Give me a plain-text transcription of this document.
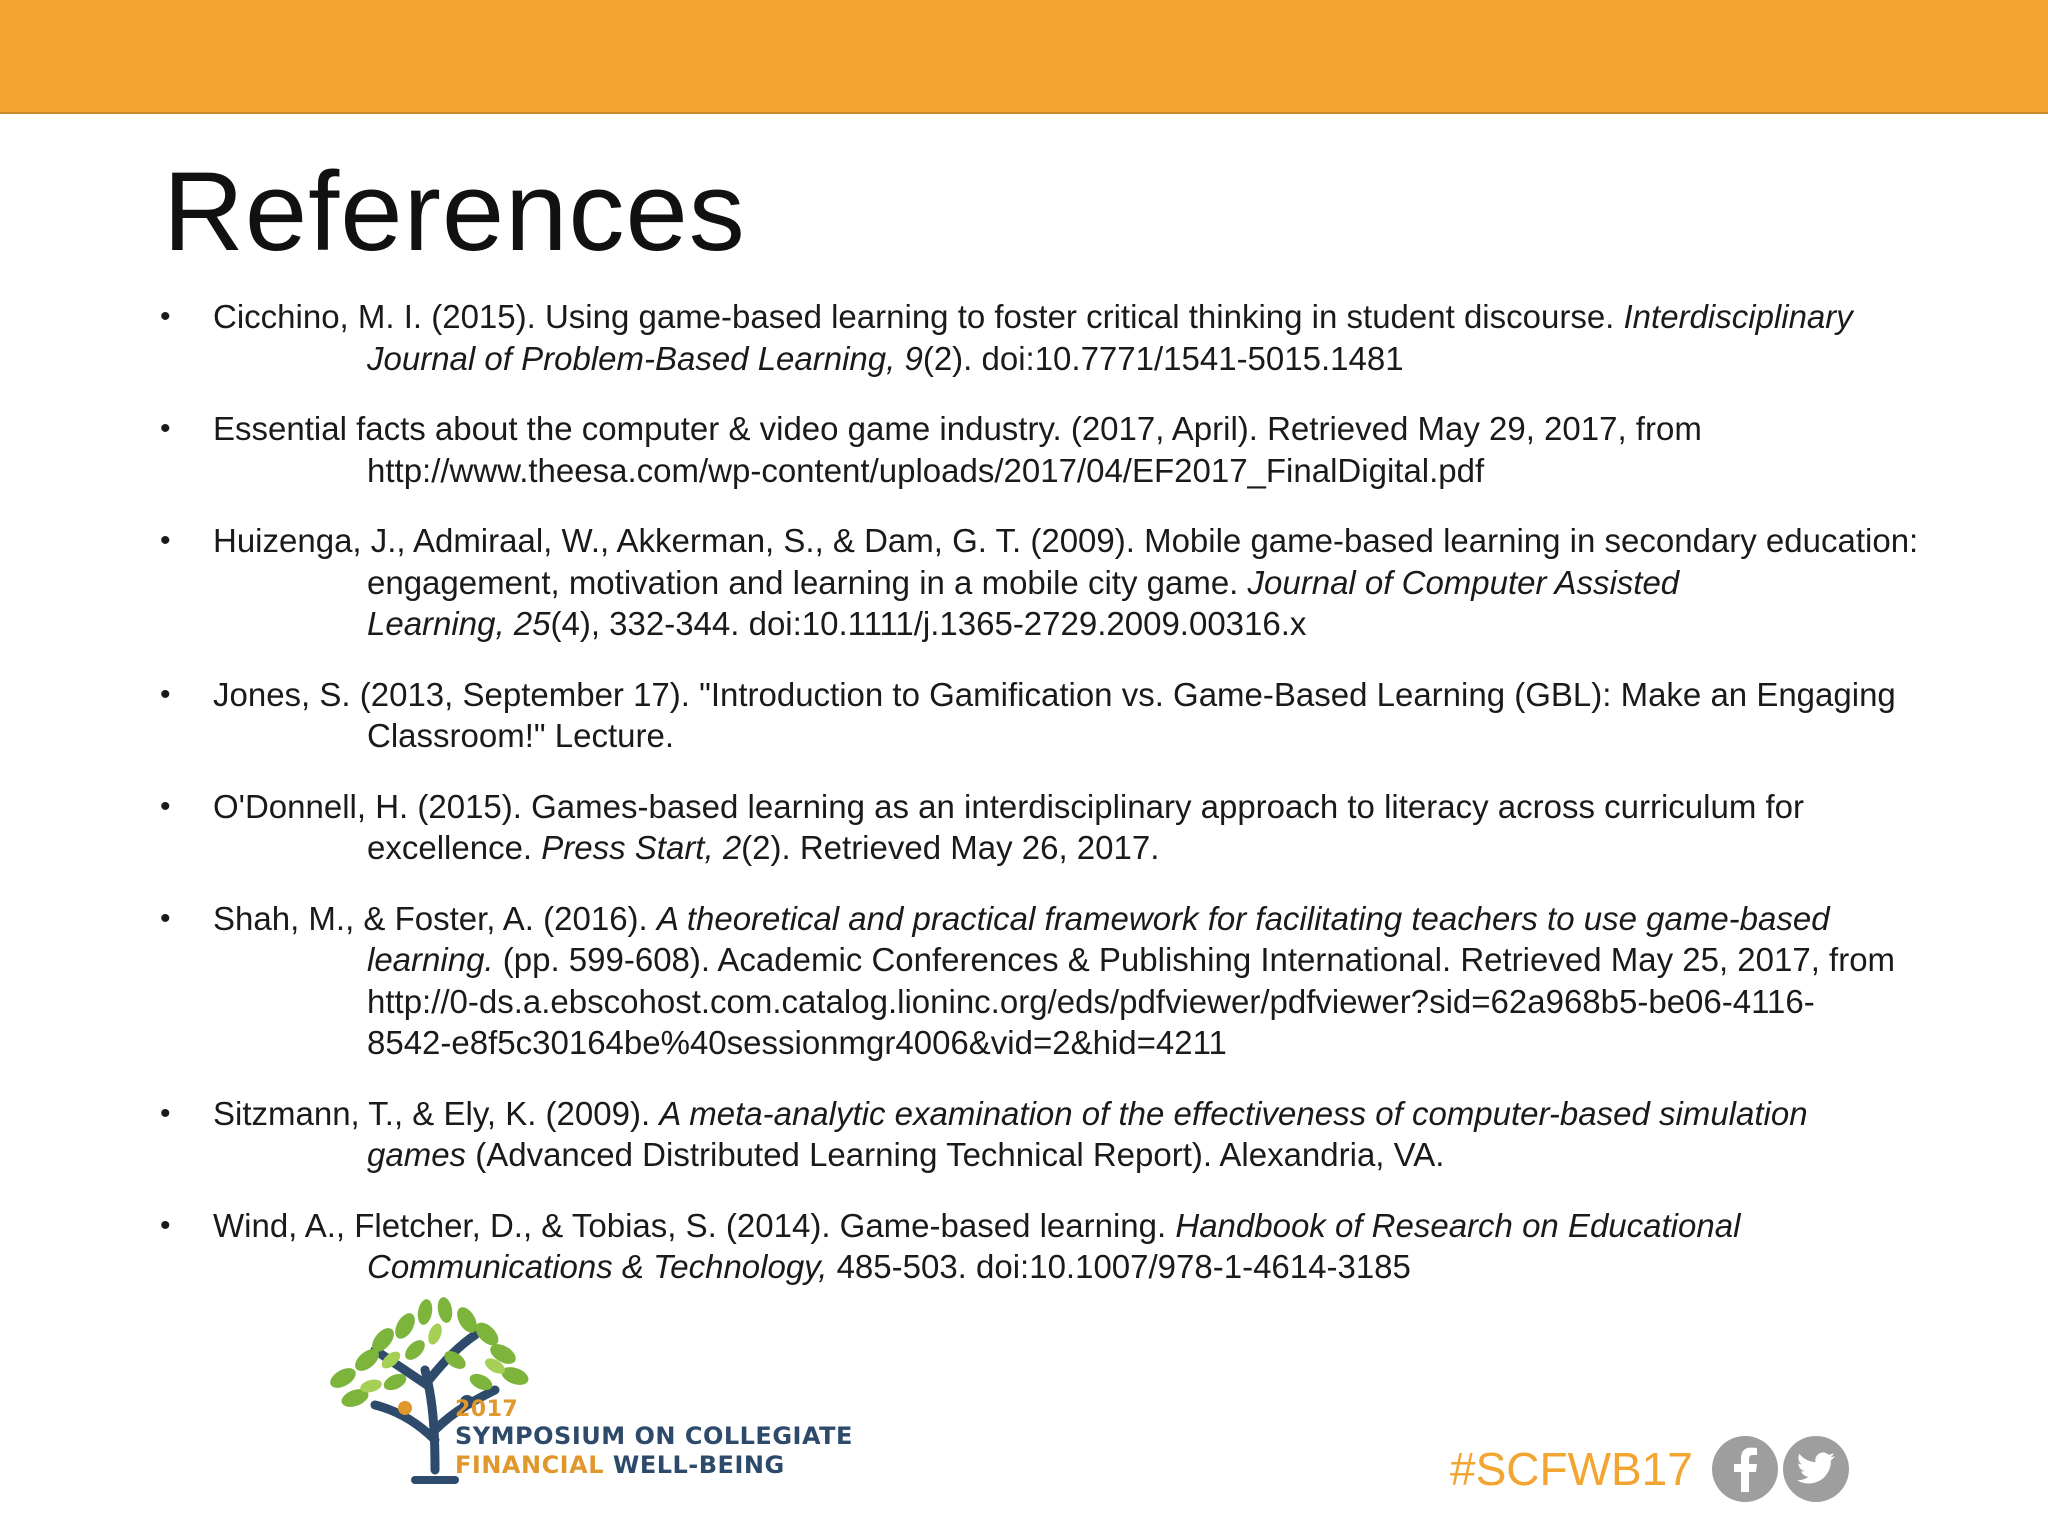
References
• Cicchino, M. I. (2015). Using game-based learning to foster critical thinking in student discourse. Interdisciplinary
Journal of Problem-Based Learning, 9(2). doi:10.7771/1541-5015.1481
• Essential facts about the computer & video game industry. (2017, April). Retrieved May 29, 2017, from
http://www.theesa.com/wp-content/uploads/2017/04/EF2017_FinalDigital.pdf
• Huizenga, J., Admiraal, W., Akkerman, S., & Dam, G. T. (2009). Mobile game-based learning in secondary education:
engagement, motivation and learning in a mobile city game. Journal of Computer Assisted
Learning, 25(4), 332-344. doi:10.1111/j.1365-2729.2009.00316.x
• Jones, S. (2013, September 17). "Introduction to Gamification vs. Game-Based Learning (GBL): Make an Engaging
Classroom!" Lecture.
• O'Donnell, H. (2015). Games-based learning as an interdisciplinary approach to literacy across curriculum for
excellence. Press Start, 2(2). Retrieved May 26, 2017.
• Shah, M., & Foster, A. (2016). A theoretical and practical framework for facilitating teachers to use game-based
learning. (pp. 599-608). Academic Conferences & Publishing International. Retrieved May 25, 2017, from
http://0-ds.a.ebscohost.com.catalog.lioninc.org/eds/pdfviewer/pdfviewer?sid=62a968b5-be06-4116-
8542-e8f5c30164be%40sessionmgr4006&vid=2&hid=4211
• Sitzmann, T., & Ely, K. (2009). A meta-analytic examination of the effectiveness of computer-based simulation
games (Advanced Distributed Learning Technical Report). Alexandria, VA.
• Wind, A., Fletcher, D., & Tobias, S. (2014). Game-based learning. Handbook of Research on Educational
Communications & Technology, 485-503. doi:10.1007/978-1-4614-3185
2017
SYMPOSIUM ON COLLEGIATE
FINANCIAL WELL-BEING	#SCFWB17
